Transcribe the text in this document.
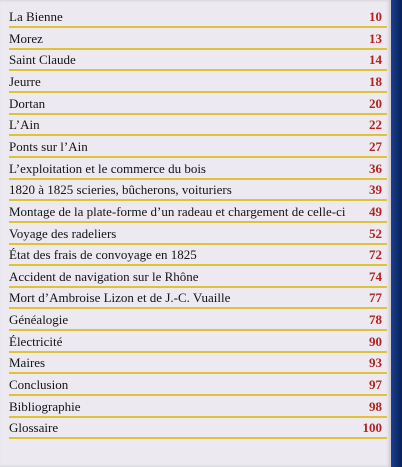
La Bienne	10
Morez	13
Saint Claude	14
Jeurre	18
Dortan	20
L’Ain	22
Ponts sur l’Ain	27
L’exploitation et le commerce du bois	36
1820 à 1825 scieries, bûcherons, voituriers	39
Montage de la plate-forme d’un radeau et chargement de celle-ci 49
Voyage des radeliers	52
État des frais de convoyage en 1825	72
Accident de navigation sur le Rhône	74
Mort d’Ambroise Lizon et de J.-C. Vuaille	77
Généalogie	78
Électricité	90
Maires	93
Conclusion	97
Bibliographie	98
Glossaire	100
